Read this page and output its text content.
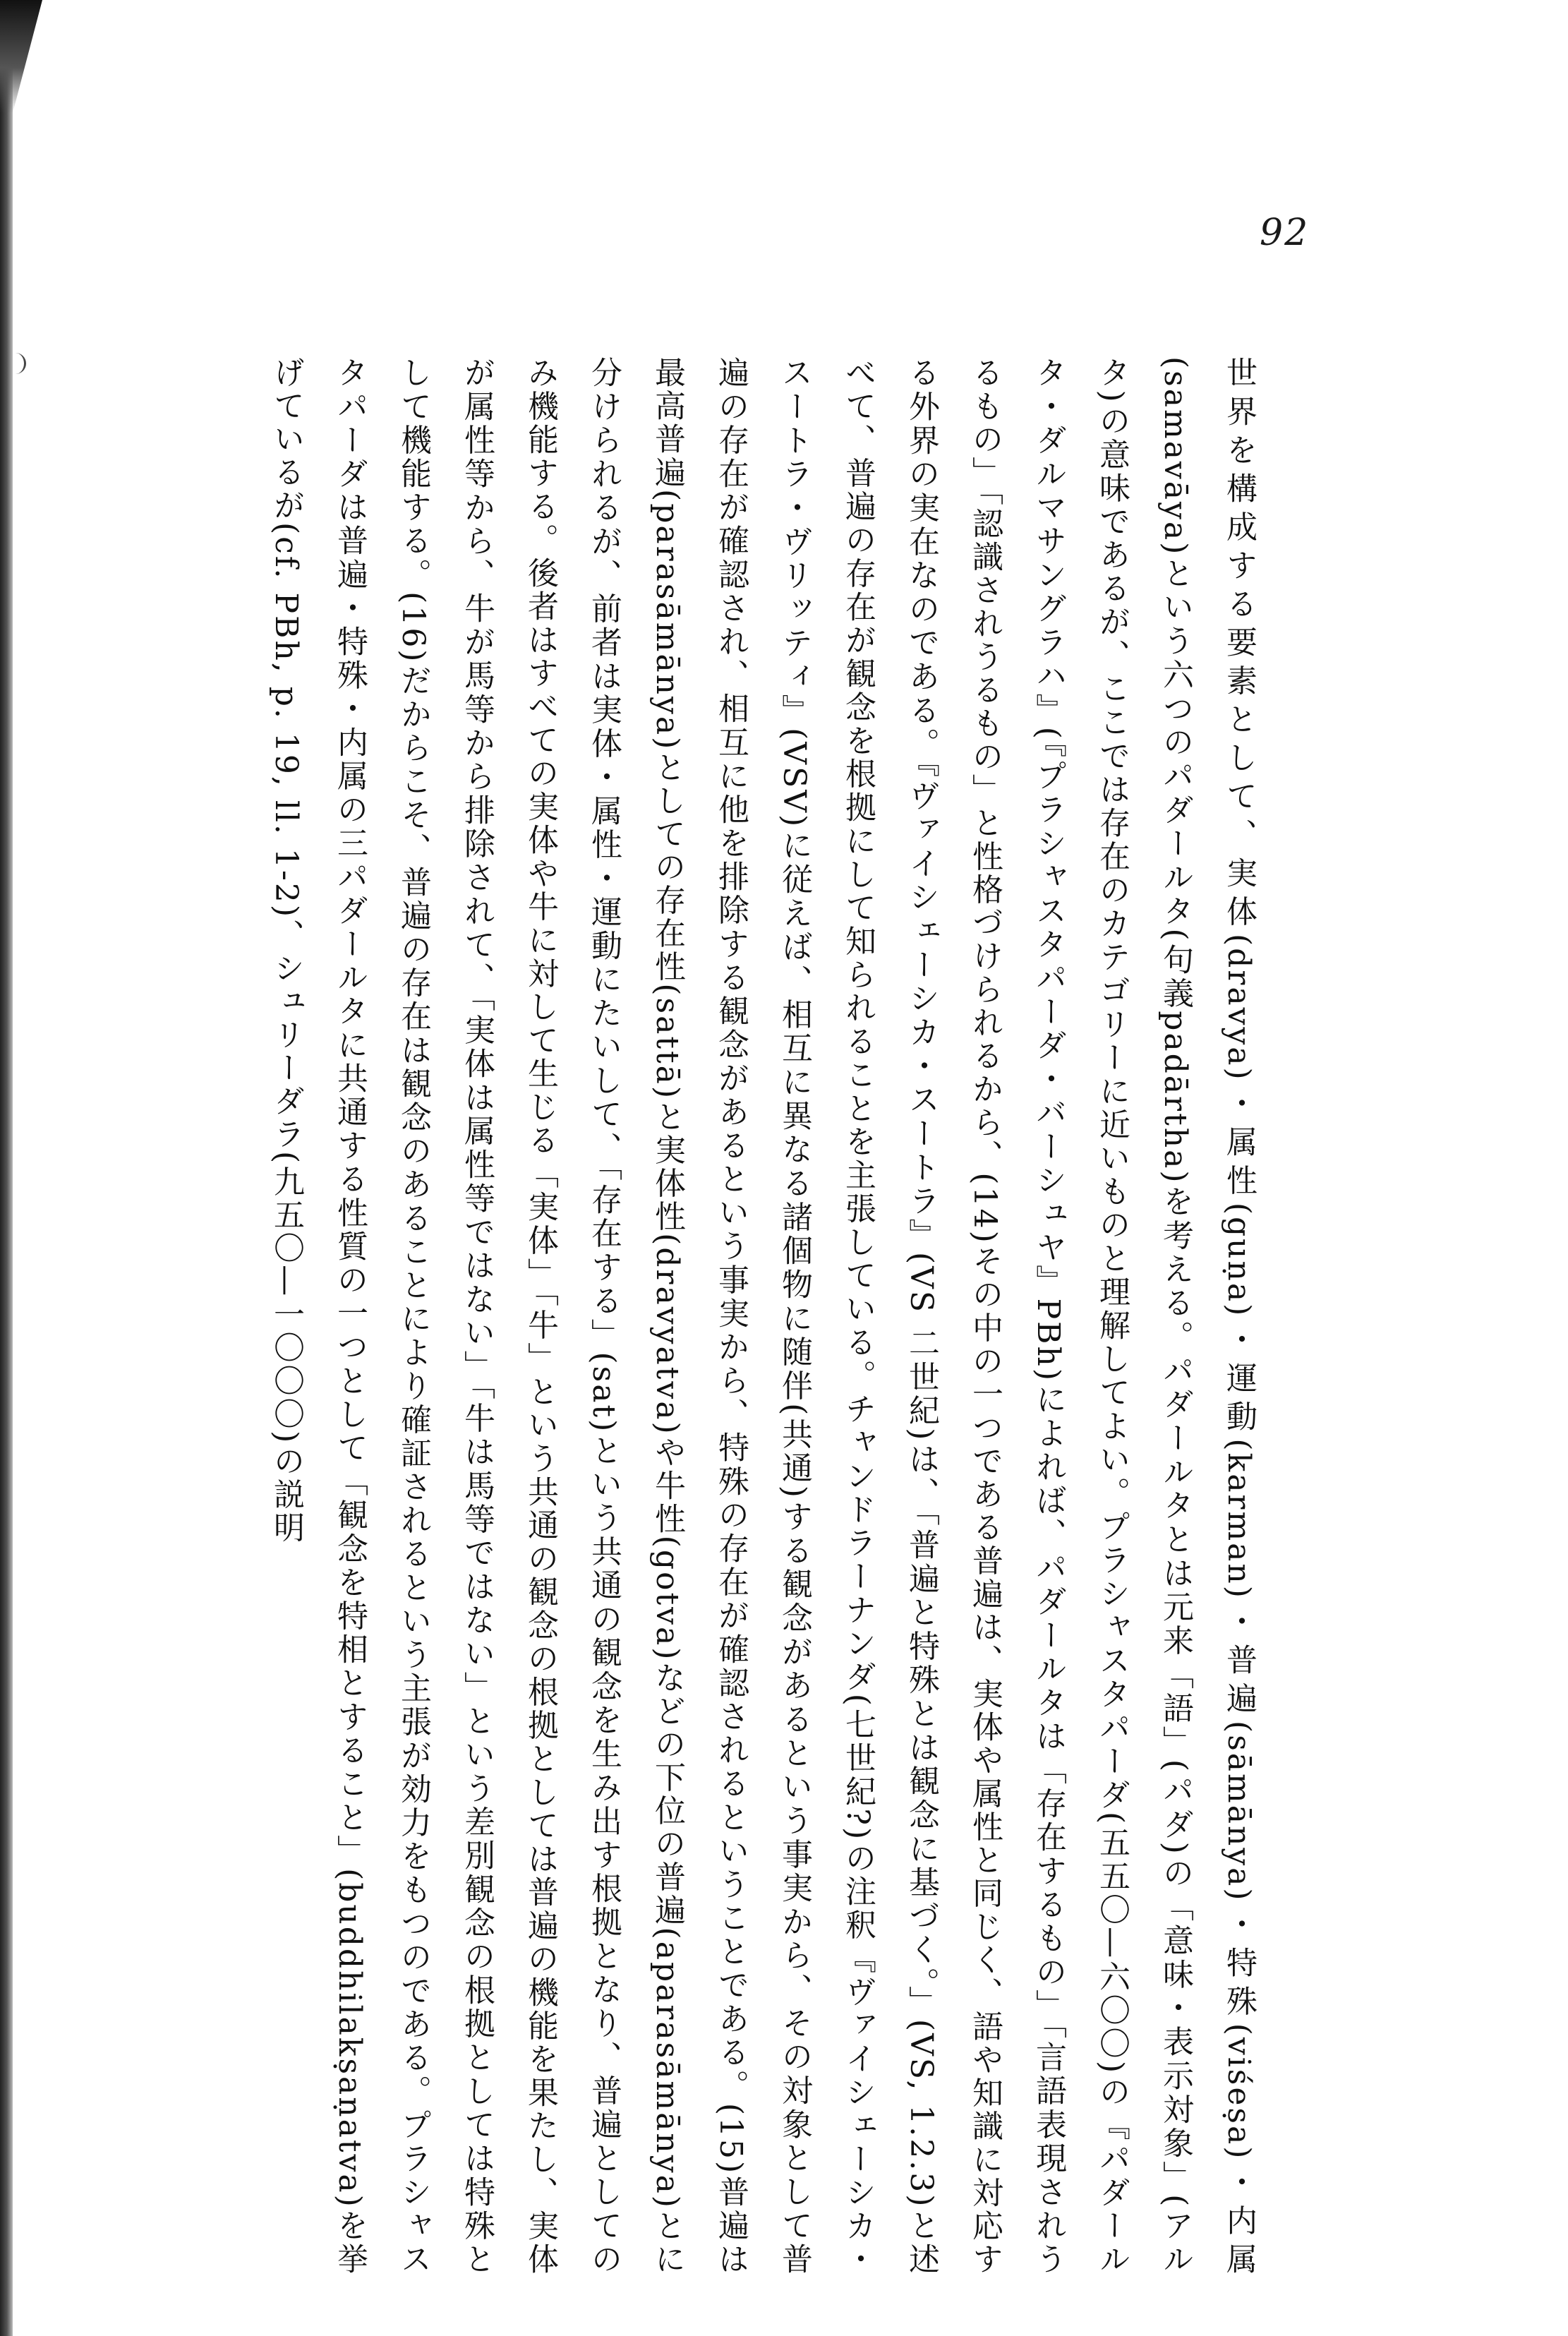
92

世界を構成する要素として、実体(dravya)・属性(guṇa)・運動(karman)・普遍(sāmānya)・特殊(viśeṣa)・内属(samavāya)という六つのパダールタ(句義padārtha)を考える。パダールタとは元来「語」(パダ)の「意味・表示対象」(アルタ)の意味であるが、ここでは存在のカテゴリーに近いものと理解してよい。プラシャスタパーダ(五五〇—六〇〇)の『パダールタ・ダルマサングラハ』(『プラシャスタパーダ・バーシュヤ』PBh)によれば、パダールタは「存在するもの」「言語表現されうるもの」「認識されうるもの」と性格づけられるから、(14)その中の一つである普遍は、実体や属性と同じく、語や知識に対応する外界の実在なのである。『ヴァイシェーシカ・スートラ』(VS 二世紀)は、「普遍と特殊とは観念に基づく。」(VS, 1.2.3)と述べて、普遍の存在が観念を根拠にして知られることを主張している。チャンドラーナンダ(七世紀?)の注釈『ヴァイシェーシカ・スートラ・ヴリッティ』(VSV)に従えば、相互に異なる諸個物に随伴(共通)する観念があるという事実から、その対象として普遍の存在が確認され、相互に他を排除する観念があるという事実から、特殊の存在が確認されるということである。(15)普遍は最高普遍(parasāmānya)としての存在性(sattā)と実体性(dravyatva)や牛性(gotva)などの下位の普遍(aparasāmānya)とに分けられるが、前者は実体・属性・運動にたいして、「存在する」(sat)という共通の観念を生み出す根拠となり、普遍としてのみ機能する。後者はすべての実体や牛に対して生じる「実体」「牛」という共通の観念の根拠としては普遍の機能を果たし、実体が属性等から、牛が馬等から排除されて、「実体は属性等ではない」「牛は馬等ではない」という差別観念の根拠としては特殊として機能する。(16)だからこそ、普遍の存在は観念のあることにより確証されるという主張が効力をもつのである。プラシャスタパーダは普遍・特殊・内属の三パダールタに共通する性質の一つとして「観念を特相とすること」(buddhilakṣaṇatva)を挙げているが(cf. PBh, p. 19, ll. 1-2)、シュリーダラ(九五〇—一〇〇〇)の説明
